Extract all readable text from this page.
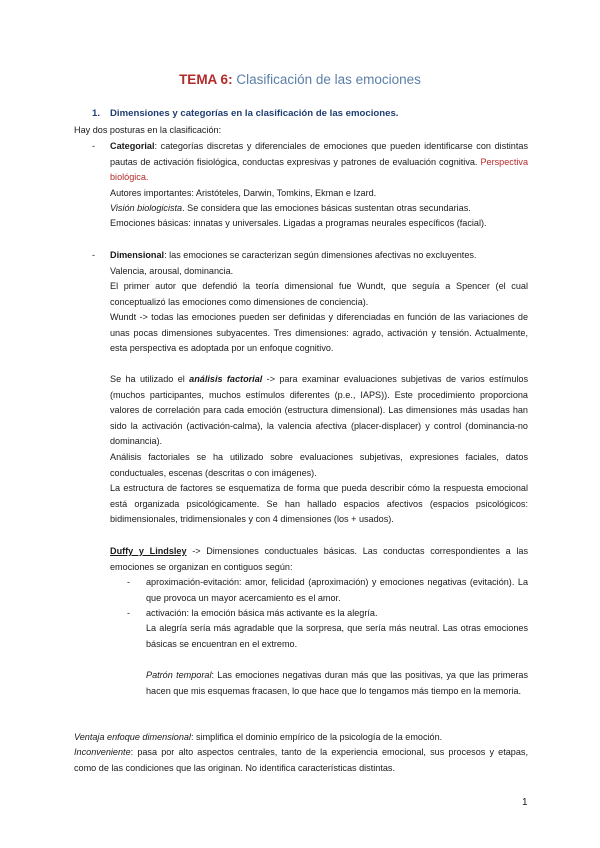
TEMA 6: Clasificación de las emociones
1. Dimensiones y categorías en la clasificación de las emociones.
Hay dos posturas en la clasificación:
- Categorial: categorías discretas y diferenciales de emociones que pueden identificarse con distintas pautas de activación fisiológica, conductas expresivas y patrones de evaluación cognitiva. Perspectiva biológica.
Autores importantes: Aristóteles, Darwin, Tomkins, Ekman e Izard.
Visión biologicista. Se considera que las emociones básicas sustentan otras secundarias.
Emociones básicas: innatas y universales. Ligadas a programas neurales específicos (facial).
- Dimensional: las emociones se caracterizan según dimensiones afectivas no excluyentes.
Valencia, arousal, dominancia.
El primer autor que defendió la teoría dimensional fue Wundt, que seguía a Spencer (el cual conceptualizó las emociones como dimensiones de conciencia).
Wundt -> todas las emociones pueden ser definidas y diferenciadas en función de las variaciones de unas pocas dimensiones subyacentes. Tres dimensiones: agrado, activación y tensión. Actualmente, esta perspectiva es adoptada por un enfoque cognitivo.
Se ha utilizado el análisis factorial -> para examinar evaluaciones subjetivas de varios estímulos (muchos participantes, muchos estímulos diferentes (p.e., IAPS)). Este procedimiento proporciona valores de correlación para cada emoción (estructura dimensional). Las dimensiones más usadas han sido la activación (activación-calma), la valencia afectiva (placer-displacer) y control (dominancia-no dominancia).
Análisis factoriales se ha utilizado sobre evaluaciones subjetivas, expresiones faciales, datos conductuales, escenas (descritas o con imágenes).
La estructura de factores se esquematiza de forma que pueda describir cómo la respuesta emocional está organizada psicológicamente. Se han hallado espacios afectivos (espacios psicológicos: bidimensionales, tridimensionales y con 4 dimensiones (los + usados).
Duffy y Lindsley -> Dimensiones conductuales básicas. Las conductas correspondientes a las emociones se organizan en contiguos según:
- aproximación-evitación: amor, felicidad (aproximación) y emociones negativas (evitación). La que provoca un mayor acercamiento es el amor.
- activación: la emoción básica más activante es la alegría.
La alegría sería más agradable que la sorpresa, que sería más neutral. Las otras emociones básicas se encuentran en el extremo.
Patrón temporal: Las emociones negativas duran más que las positivas, ya que las primeras hacen que mis esquemas fracasen, lo que hace que lo tengamos más tiempo en la memoria.
Ventaja enfoque dimensional: simplifica el dominio empírico de la psicología de la emoción.
Inconveniente: pasa por alto aspectos centrales, tanto de la experiencia emocional, sus procesos y etapas, como de las condiciones que las originan. No identifica características distintas.
1
